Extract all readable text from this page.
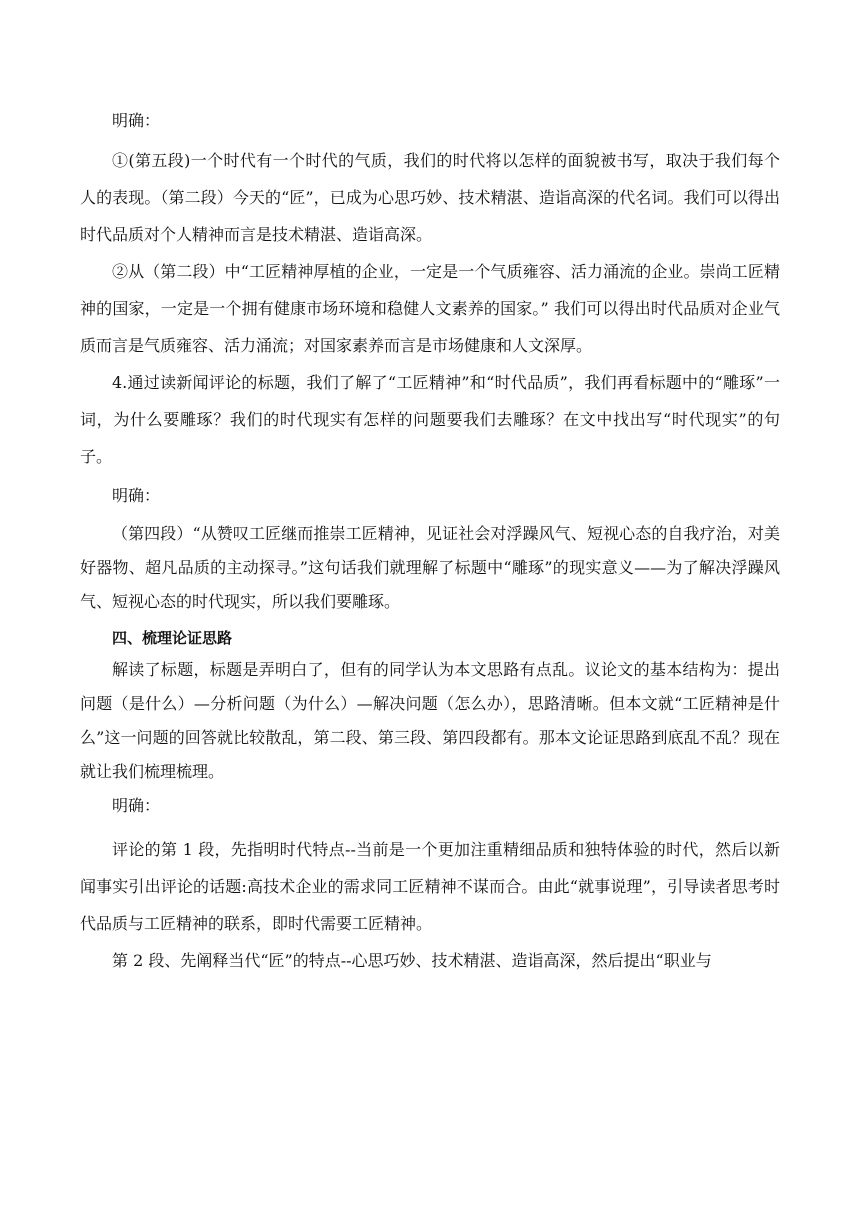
明确：

①(第五段)一个时代有一个时代的气质，我们的时代将以怎样的面貌被书写，取决于我们每个人的表现。（第二段）今天的“匠”，已成为心思巧妙、技术精湛、造诣高深的代名词。我们可以得出时代品质对个人精神而言是技术精湛、造诣高深。

②从（第二段）中“工匠精神厚植的企业，一定是一个气质雍容、活力涌流的企业。崇尚工匠精神的国家，一定是一个拥有健康市场环境和稳健人文素养的国家。” 我们可以得出时代品质对企业气质而言是气质雍容、活力涌流；对国家素养而言是市场健康和人文深厚。

4.通过读新闻评论的标题，我们了解了“工匠精神”和“时代品质”，我们再看标题中的“雕琢”一词，为什么要雕琢？我们的时代现实有怎样的问题要我们去雕琢？在文中找出写“时代现实”的句子。

明确：

（第四段）“从赞叹工匠继而推崇工匠精神，见证社会对浮躁风气、短视心态的自我疗治，对美好器物、超凡品质的主动探寻。”这句话我们就理解了标题中“雕琢”的现实意义——为了解决浮躁风气、短视心态的时代现实，所以我们要雕琢。

四、梳理论证思路

解读了标题，标题是弄明白了，但有的同学认为本文思路有点乱。议论文的基本结构为：提出问题（是什么）—分析问题（为什么）—解决问题（怎么办），思路清晰。但本文就“工匠精神是什么”这一问题的回答就比较散乱，第二段、第三段、第四段都有。那本文论证思路到底乱不乱？现在就让我们梳理梳理。

明确：

评论的第 1 段，先指明时代特点--当前是一个更加注重精细品质和独特体验的时代，然后以新闻事实引出评论的话题:高技术企业的需求同工匠精神不谋而合。由此“就事说理”，引导读者思考时代品质与工匠精神的联系，即时代需要工匠精神。

第 2 段、先阐释当代“匠”的特点--心思巧妙、技术精湛、造诣高深，然后提出“职业与
